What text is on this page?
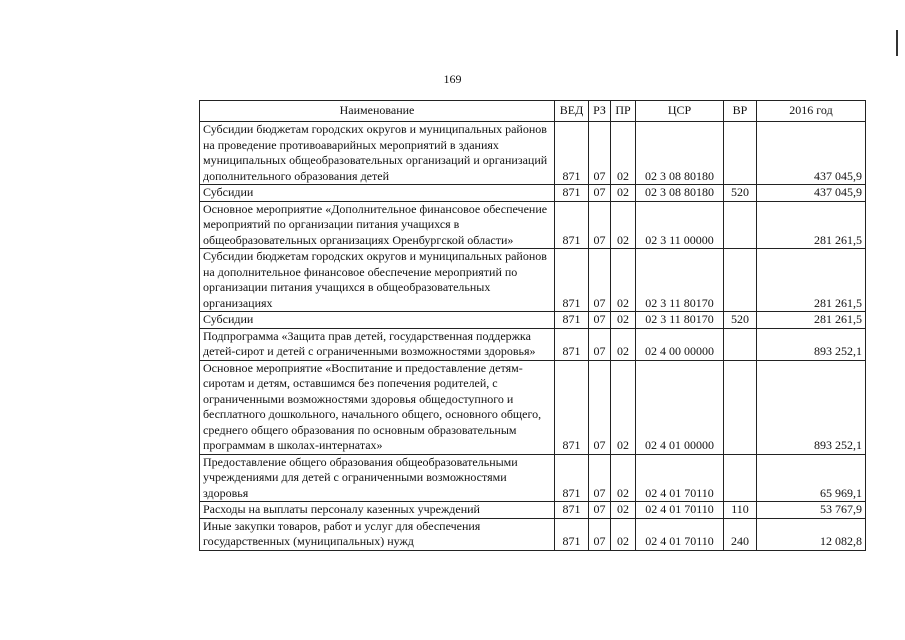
169
Наименование	ВЕД	РЗ	ПР	ЦСР	ВР	2016 год
Субсидии бюджетам городских округов и муниципальных районов на проведение противоаварийных мероприятий в зданиях муниципальных общеобразовательных организаций и организаций дополнительного образования детей	871	07	02	02 3 08 80180		437 045,9
Субсидии	871	07	02	02 3 08 80180	520	437 045,9
Основное мероприятие «Дополнительное финансовое обеспечение мероприятий по организации питания учащихся в общеобразовательных организациях Оренбургской области»	871	07	02	02 3 11 00000		281 261,5
Субсидии бюджетам городских округов и муниципальных районов на дополнительное финансовое обеспечение мероприятий по организации питания учащихся в общеобразовательных организациях	871	07	02	02 3 11 80170		281 261,5
Субсидии	871	07	02	02 3 11 80170	520	281 261,5
Подпрограмма «Защита прав детей, государственная поддержка детей-сирот и детей с ограниченными возможностями здоровья»	871	07	02	02 4 00 00000		893 252,1
Основное мероприятие «Воспитание и предоставление детям-сиротам и детям, оставшимся без попечения родителей, с ограниченными возможностями здоровья общедоступного и бесплатного дошкольного, начального общего, основного общего, среднего общего образования по основным образовательным программам в школах-интернатах»	871	07	02	02 4 01 00000		893 252,1
Предоставление общего образования общеобразовательными учреждениями для детей с ограниченными возможностями здоровья	871	07	02	02 4 01 70110		65 969,1
Расходы на выплаты персоналу казенных учреждений	871	07	02	02 4 01 70110	110	53 767,9
Иные закупки товаров, работ и услуг для обеспечения государственных (муниципальных) нужд	871	07	02	02 4 01 70110	240	12 082,8
